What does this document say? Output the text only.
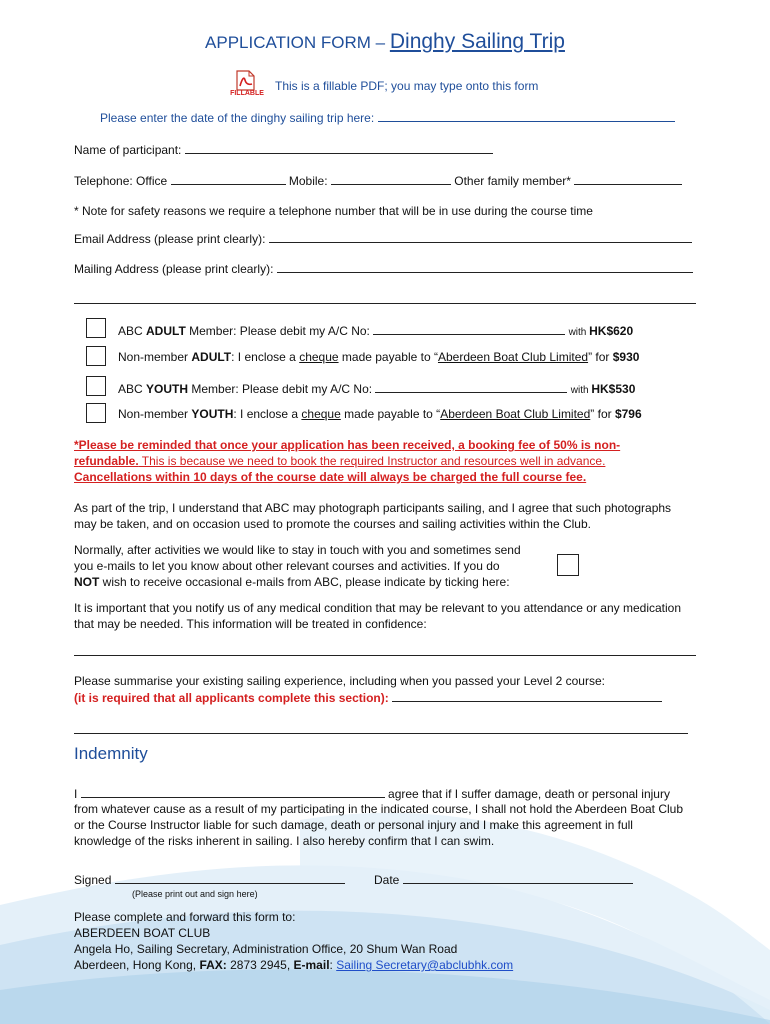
APPLICATION FORM – Dinghy Sailing Trip
FILLABLE
This is a fillable PDF; you may type onto this form
Please enter the date of the dinghy sailing trip here:
Name of participant:
Telephone: Office	Mobile:	Other family member*
* Note for safety reasons we require a telephone number that will be in use during the course time
Email Address (please print clearly):
Mailing Address (please print clearly):
ABC ADULT Member: Please debit my A/C No:	with HK$620
Non-member ADULT: I enclose a cheque made payable to “Aberdeen Boat Club Limited” for $930
ABC YOUTH Member: Please debit my A/C No:	with HK$530
Non-member YOUTH: I enclose a cheque made payable to “Aberdeen Boat Club Limited” for $796
*Please be reminded that once your application has been received, a booking fee of 50% is non-
refundable. This is because we need to book the required Instructor and resources well in advance.
Cancellations within 10 days of the course date will always be charged the full course fee.
As part of the trip, I understand that ABC may photograph participants sailing, and I agree that such photographs
may be taken, and on occasion used to promote the courses and sailing activities within the Club.
Normally, after activities we would like to stay in touch with you and sometimes send
you e-mails to let you know about other relevant courses and activities. If you do
NOT wish to receive occasional e-mails from ABC, please indicate by ticking here:
It is important that you notify us of any medical condition that may be relevant to you attendance or any medication
that may be needed. This information will be treated in confidence:
Please summarise your existing sailing experience, including when you passed your Level 2 course:
(it is required that all applicants complete this section):
Indemnity
I	agree that if I suffer damage, death or personal injury
from whatever cause as a result of my participating in the indicated course, I shall not hold the Aberdeen Boat Club
or the Course Instructor liable for such damage, death or personal injury and I make this agreement in full
knowledge of the risks inherent in sailing. I also hereby confirm that I can swim.
Signed
(Please print out and sign here)
Date
Please complete and forward this form to:
ABERDEEN BOAT CLUB
Angela Ho, Sailing Secretary, Administration Office, 20 Shum Wan Road
Aberdeen, Hong Kong, FAX: 2873 2945, E-mail: Sailing Secretary@abclubhk.com
